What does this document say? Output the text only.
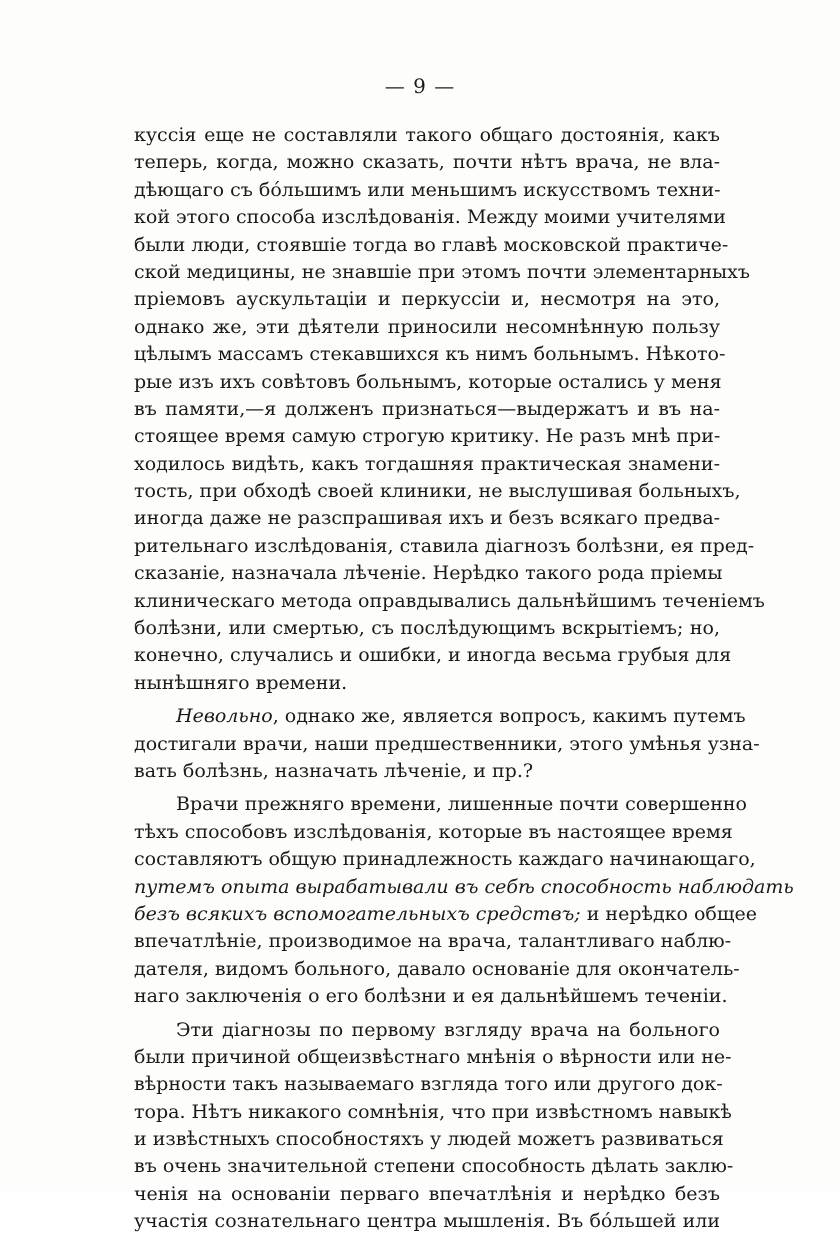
— 9 —
куссія еще не составляли такого общаго достоянія, какъ
теперь, когда, можно сказать, почти нѣтъ врача, не вла-
дѣющаго съ бо́льшимъ или меньшимъ искусствомъ техни-
кой этого способа изслѣдованія. Между моими учителями
были люди, стоявшіе тогда во главѣ московской практиче-
ской медицины, не знавшіе при этомъ почти элементарныхъ
пріемовъ аускультаціи и перкуссіи и, несмотря на это,
однако же, эти дѣятели приносили несомнѣнную пользу
цѣлымъ массамъ стекавшихся къ нимъ больнымъ. Нѣкото-
рые изъ ихъ совѣтовъ больнымъ, которые остались у меня
въ памяти,—я долженъ признаться—выдержатъ и въ на-
стоящее время самую строгую критику. Не разъ мнѣ при-
ходилось видѣть, какъ тогдашняя практическая знамени-
тость, при обходѣ своей клиники, не выслушивая больныхъ,
иногда даже не разспрашивая ихъ и безъ всякаго предва-
рительнаго изслѣдованія, ставила діагнозъ болѣзни, ея пред-
сказаніе, назначала лѣченіе. Нерѣдко такого рода пріемы
клиническаго метода оправдывались дальнѣйшимъ теченіемъ
болѣзни, или смертью, съ послѣдующимъ вскрытіемъ; но,
конечно, случались и ошибки, и иногда весьма грубыя для
нынѣшняго времени.
Невольно, однако же, является вопросъ, какимъ путемъ
достигали врачи, наши предшественники, этого умѣнья узна-
вать болѣзнь, назначать лѣченіе, и пр.?
Врачи прежняго времени, лишенные почти совершенно
тѣхъ способовъ изслѣдованія, которые въ настоящее время
составляютъ общую принадлежность каждаго начинающаго,
путемъ опыта вырабатывали въ себѣ способность наблюдать
безъ всякихъ вспомогательныхъ средствъ; и нерѣдко общее
впечатлѣніе, производимое на врача, талантливаго наблю-
дателя, видомъ больного, давало основаніе для окончатель-
наго заключенія о его болѣзни и ея дальнѣйшемъ теченіи.
Эти діагнозы по первому взгляду врача на больного
были причиной общеизвѣстнаго мнѣнія о вѣрности или не-
вѣрности такъ называемаго взгляда того или другого док-
тора. Нѣтъ никакого сомнѣнія, что при извѣстномъ навыкѣ
и извѣстныхъ способностяхъ у людей можетъ развиваться
въ очень значительной степени способность дѣлать заклю-
ченія на основаніи перваго впечатлѣнія и нерѣдко безъ
участія сознательнаго центра мышленія. Въ бо́льшей или
